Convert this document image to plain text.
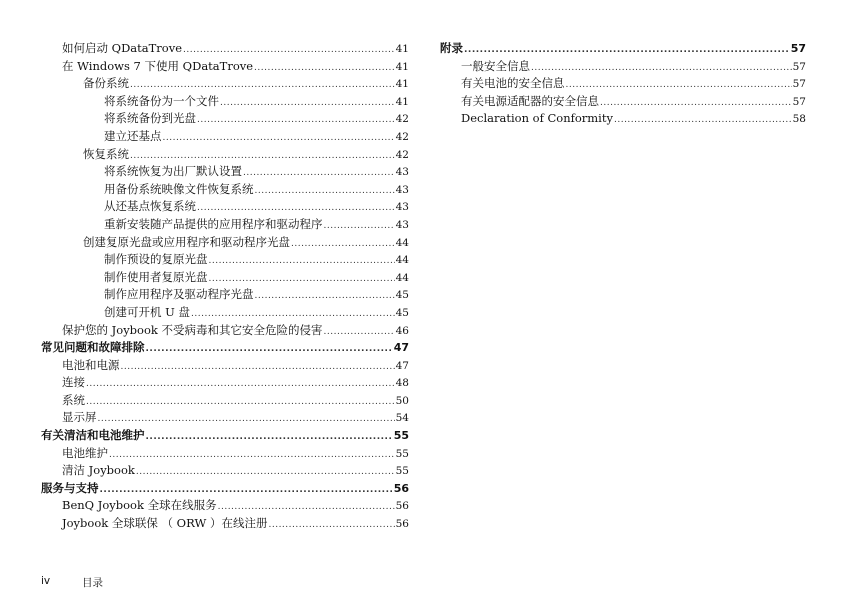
如何启动 QDataTrove .....	41
在 Windows 7 下使用 QDataTrove .....	41
备份系统 .....	41
将系统备份为一个文件 .....	41
将系统备份到光盘 .....	42
建立还基点 .....	42
恢复系统 .....	42
将系统恢复为出厂默认设置 .....	43
用备份系统映像文件恢复系统 .....	43
从还基点恢复系统 .....	43
重新安装随产品提供的应用程序和驱动程序 .....	43
创建复原光盘或应用程序和驱动程序光盘 .....	44
制作预设的复原光盘 .....	44
制作使用者复原光盘 .....	44
制作应用程序及驱动程序光盘 .....	45
创建可开机 U 盘 .....	45
保护您的 Joybook 不受病毒和其它安全危险的侵害 .....	46
常见问题和故障排除 .....	47
电池和电源 .....	47
连接 .....	48
系统 .....	50
显示屏 .....	54
有关清洁和电池维护 .....	55
电池维护 .....	55
清洁 Joybook .....	55
服务与支持 .....	56
BenQ Joybook 全球在线服务 .....	56
Joybook 全球联保 （ ORW ）在线注册 .....	56
附录 .....	57
一般安全信息 .....	57
有关电池的安全信息 .....	57
有关电源适配器的安全信息 .....	57
Declaration of Conformity .....	58
iv	目录
